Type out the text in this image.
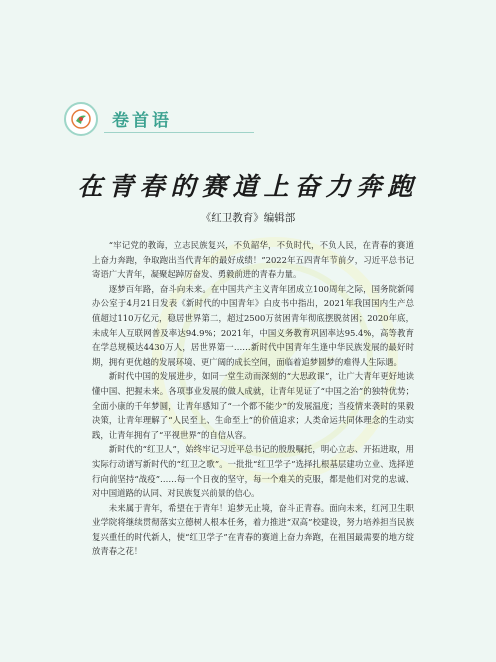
卷首语
在青春的赛道上奋力奔跑
《红卫教育》编辑部

“牢记党的教诲，立志民族复兴，不负韶华，不负时代，不负人民，在青春的赛道上奋力奔跑，争取跑出当代青年的最好成绩！”2022年五四青年节前夕，习近平总书记寄语广大青年，凝聚起踔厉奋发、勇毅前进的青春力量。

逐梦百年路，奋斗向未来。在中国共产主义青年团成立100周年之际，国务院新闻办公室于4月21日发表《新时代的中国青年》白皮书中指出，2021年我国国内生产总值超过110万亿元，稳居世界第二，超过2500万贫困青年彻底摆脱贫困；2020年底，未成年人互联网普及率达94.9%；2021年，中国义务教育巩固率达95.4%，高等教育在学总规模达4430万人，居世界第一……新时代中国青年生逢中华民族发展的最好时期，拥有更优越的发展环境、更广阔的成长空间，面临着追梦圆梦的难得人生际遇。

新时代中国的发展进步，如同一堂生动而深刻的“大思政课”，让广大青年更好地读懂中国、把握未来。各项事业发展的做人成就，让青年见证了“中国之治”的独特优势；全面小康的千年梦圆，让青年感知了“一个都不能少”的发展温度；当疫情来袭时的果毅决策，让青年理解了“人民至上、生命至上”的价值追求；人类命运共同体理念的生动实践，让青年拥有了“平视世界”的自信从容。

新时代的“红卫人”，始终牢记习近平总书记的殷殷嘱托，明心立志、开拓进取，用实际行动谱写新时代的“红卫之歌”。一批批“红卫学子”选择扎根基层建功立业、选择逆行向前坚持“战疫”……每一个日夜的坚守，每一个难关的克服，都是他们对党的忠诚、对中国道路的认同、对民族复兴前景的信心。

未来属于青年，希望在于青年！追梦无止境，奋斗正青春。面向未来，红河卫生职业学院将继续贯彻落实立德树人根本任务，着力推进“双高”校建设，努力培养担当民族复兴重任的时代新人，使“红卫学子”在青春的赛道上奋力奔跑，在祖国最需要的地方绽放青春之花！
